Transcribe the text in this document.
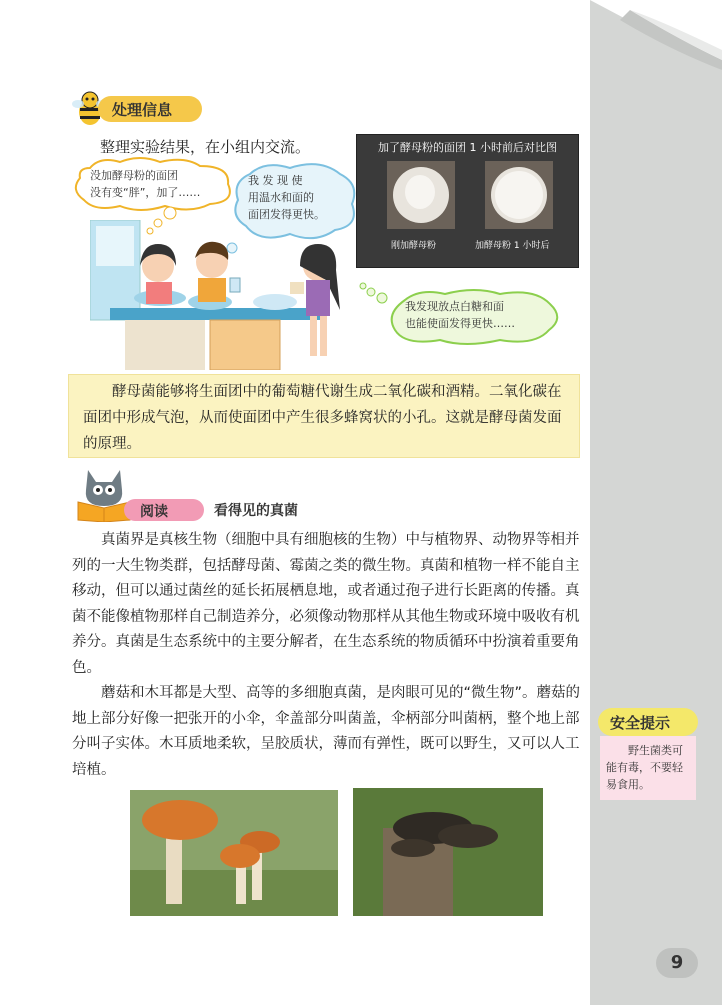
处理信息
整理实验结果，在小组内交流。
没加酵母粉的面团
没有变“胖”，加了……
我 发 现 使
用温水和面的
面团发得更快。
我发现放点白糖和面
也能使面发得更快……
加了酵母粉的面团 1 小时前后对比图
刚加酵母粉	加酵母粉 1 小时后
酵母菌能够将生面团中的葡萄糖代谢生成二氧化碳和酒精。二氧化碳在面团中形成气泡，从而使面团中产生很多蜂窝状的小孔。这就是酵母菌发面的原理。
阅读	看得见的真菌

真菌界是真核生物（细胞中具有细胞核的生物）中与植物界、动物界等相并列的一大生物类群，包括酵母菌、霉菌之类的微生物。真菌和植物一样不能自主移动，但可以通过菌丝的延长拓展栖息地，或者通过孢子进行长距离的传播。真菌不能像植物那样自己制造养分，必须像动物那样从其他生物或环境中吸收有机养分。真菌是生态系统中的主要分解者，在生态系统的物质循环中扮演着重要角色。

蘑菇和木耳都是大型、高等的多细胞真菌，是肉眼可见的“微生物”。蘑菇的地上部分好像一把张开的小伞，伞盖部分叫菌盖，伞柄部分叫菌柄，整个地上部分叫子实体。木耳质地柔软，呈胶质状，薄而有弹性，既可以野生，又可以人工培植。

安全提示
野生菌类可能有毒，不要轻易食用。
9
